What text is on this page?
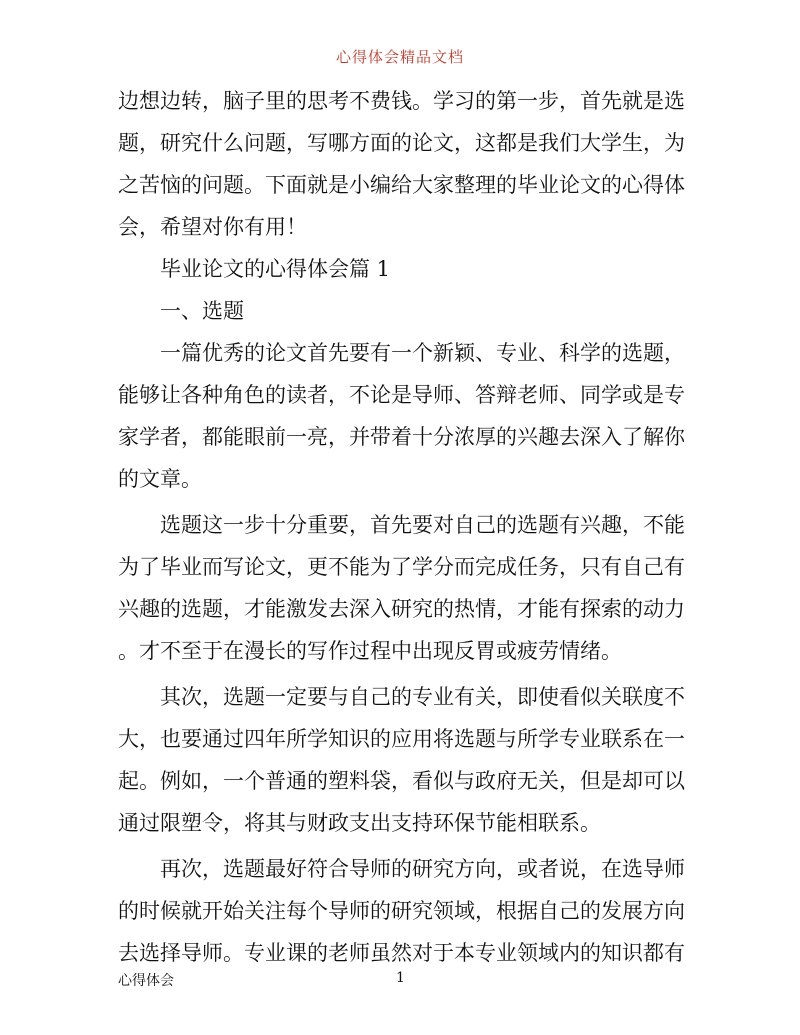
心得体会精品文档
边想边转，脑子里的思考不费钱。学习的第一步，首先就是选
题，研究什么问题，写哪方面的论文，这都是我们大学生，为
之苦恼的问题。下面就是小编给大家整理的毕业论文的心得体
会，希望对你有用！
毕业论文的心得体会篇 1
一、选题
一篇优秀的论文首先要有一个新颖、专业、科学的选题，
能够让各种角色的读者，不论是导师、答辩老师、同学或是专
家学者，都能眼前一亮，并带着十分浓厚的兴趣去深入了解你
的文章。
选题这一步十分重要，首先要对自己的选题有兴趣，不能
为了毕业而写论文，更不能为了学分而完成任务，只有自己有
兴趣的选题，才能激发去深入研究的热情，才能有探索的动力
。才不至于在漫长的写作过程中出现反胃或疲劳情绪。
其次，选题一定要与自己的专业有关，即使看似关联度不
大，也要通过四年所学知识的应用将选题与所学专业联系在一
起。例如，一个普通的塑料袋，看似与政府无关，但是却可以
通过限塑令，将其与财政支出支持环保节能相联系。
再次，选题最好符合导师的研究方向，或者说，在选导师
的时候就开始关注每个导师的研究领域，根据自己的发展方向
去选择导师。专业课的老师虽然对于本专业领域内的知识都有
心得体会	1
